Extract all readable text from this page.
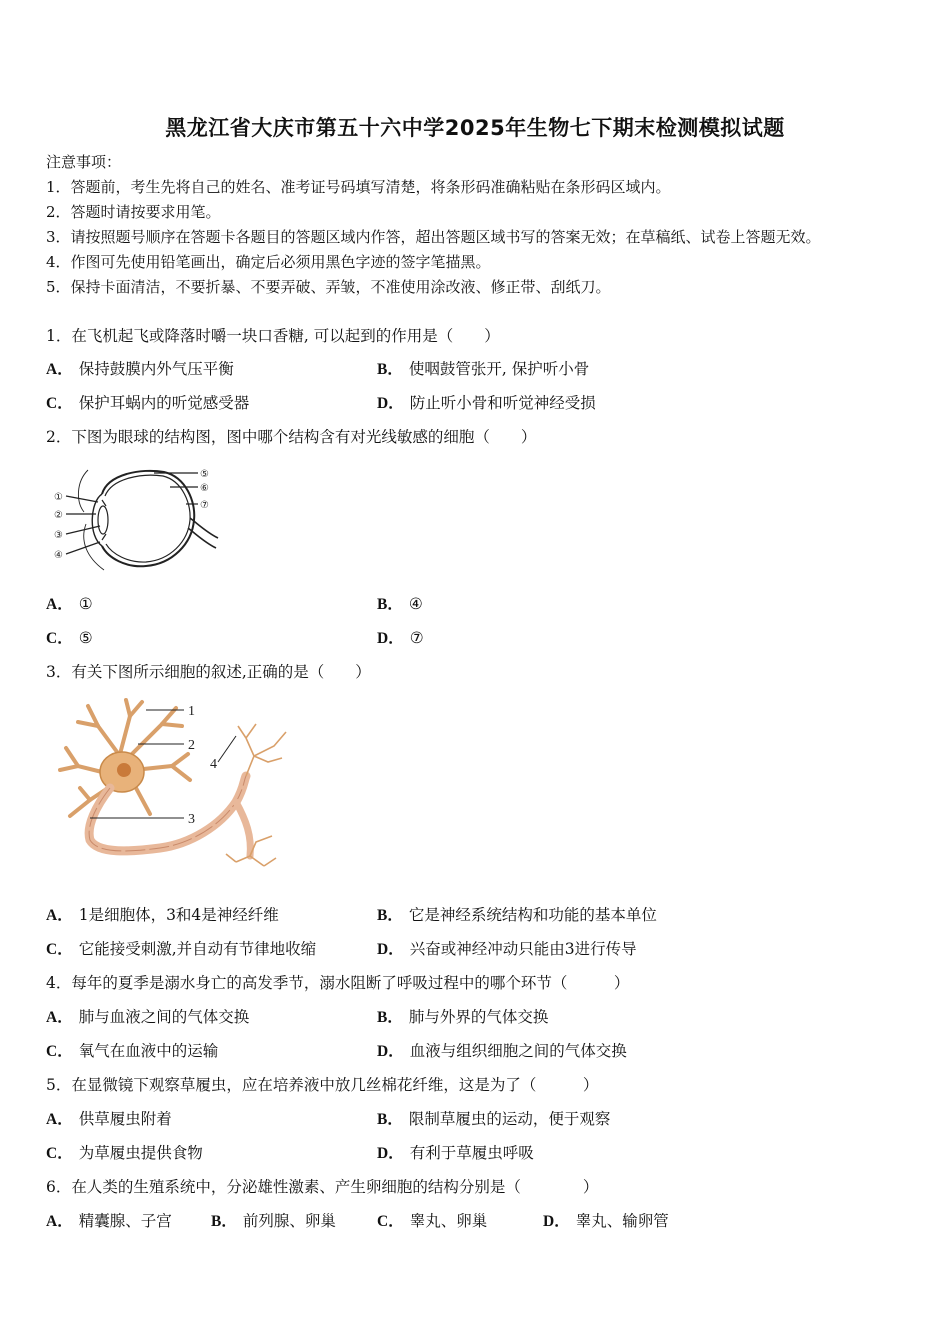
黑龙江省大庆市第五十六中学2025年生物七下期末检测模拟试题
注意事项：
1．答题前，考生先将自己的姓名、准考证号码填写清楚，将条形码准确粘贴在条形码区域内。
2．答题时请按要求用笔。
3．请按照题号顺序在答题卡各题目的答题区域内作答，超出答题区域书写的答案无效；在草稿纸、试卷上答题无效。
4．作图可先使用铅笔画出，确定后必须用黑色字迹的签字笔描黑。
5．保持卡面清洁，不要折暴、不要弄破、弄皱，不准使用涂改液、修正带、刮纸刀。
1．在飞机起飞或降落时嚼一块口香糖, 可以起到的作用是（　　）
A． 保持鼓膜内外气压平衡	B． 使咽鼓管张开, 保护听小骨
C． 保护耳蜗内的听觉感受器	D． 防止听小骨和听觉神经受损
2．下图为眼球的结构图，图中哪个结构含有对光线敏感的细胞（　　）
①
②
③
④
⑤
⑥
⑦
A． ①	B． ④
C． ⑤	D． ⑦
3．有关下图所示细胞的叙述,正确的是（　　）
1
2
3
4
A． 1是细胞体，3和4是神经纤维	B． 它是神经系统结构和功能的基本单位
C． 它能接受刺激,并自动有节律地收缩	D． 兴奋或神经冲动只能由3进行传导
4．每年的夏季是溺水身亡的高发季节，溺水阻断了呼吸过程中的哪个环节（　　　）
A． 肺与血液之间的气体交换	B． 肺与外界的气体交换
C． 氧气在血液中的运输	D． 血液与组织细胞之间的气体交换
5．在显微镜下观察草履虫，应在培养液中放几丝棉花纤维，这是为了（　　　）
A． 供草履虫附着	B． 限制草履虫的运动，便于观察
C． 为草履虫提供食物	D． 有利于草履虫呼吸
6．在人类的生殖系统中，分泌雄性激素、产生卵细胞的结构分别是（　　　　）
A． 精囊腺、子宫	B． 前列腺、卵巢	C． 睾丸、卵巢	D． 睾丸、输卵管
